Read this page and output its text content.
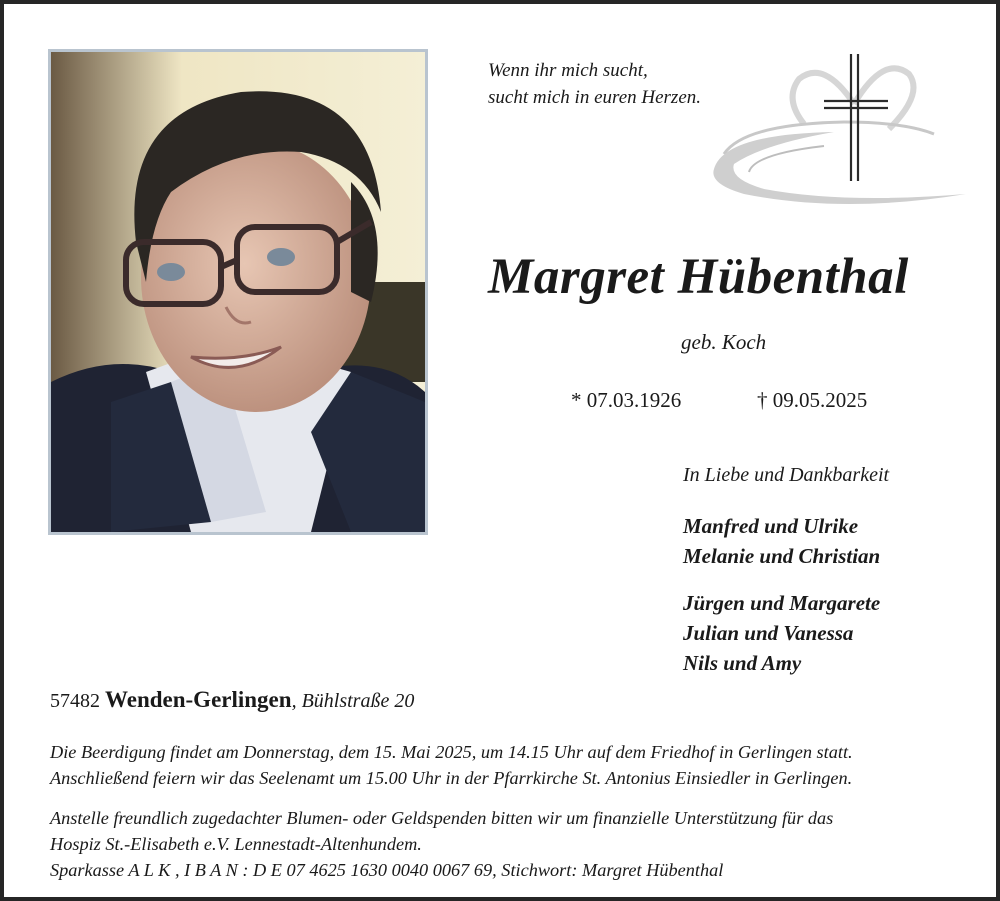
Wenn ihr mich sucht,
sucht mich in euren Herzen.
Margret Hübenthal
geb. Koch
* 07.03.1926	† 09.05.2025
In Liebe und Dankbarkeit
Manfred und Ulrike
Melanie und Christian
Jürgen und Margarete
Julian und Vanessa
Nils und Amy
57482 Wenden-Gerlingen, Bühlstraße 20
Die Beerdigung findet am Donnerstag, dem 15. Mai 2025, um 14.15 Uhr auf dem Friedhof in Gerlingen statt.
Anschließend feiern wir das Seelenamt um 15.00 Uhr in der Pfarrkirche St. Antonius Einsiedler in Gerlingen.
Anstelle freundlich zugedachter Blumen- oder Geldspenden bitten wir um finanzielle Unterstützung für das
Hospiz St.-Elisabeth e.V. Lennestadt-Altenhundem.
Sparkasse A L K , I B A N : D E 07 4625 1630 0040 0067 69, Stichwort: Margret Hübenthal
